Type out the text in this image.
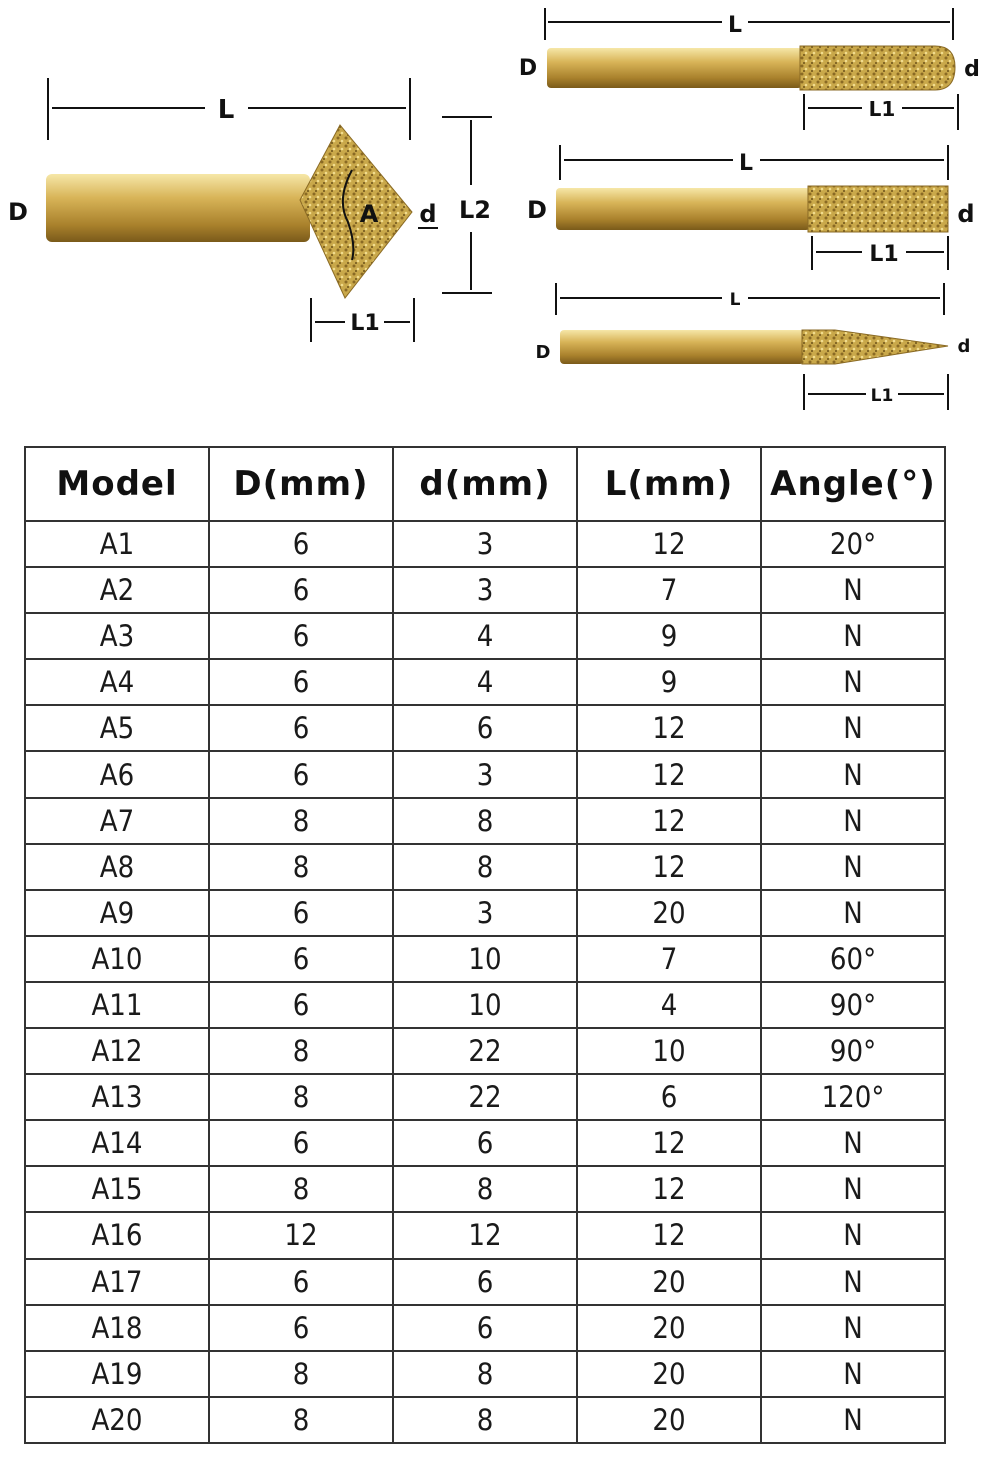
L
A
D	d L2
L1
L
D	d
L1
L
D	d
L1
L
D	d
L1
Model	D(mm)	d(mm)	L(mm)	Angle(°)
A1	6	3	12	20°
A2	6	3	7	N
A3	6	4	9	N
A4	6	4	9	N
A5	6	6	12	N
A6	6	3	12	N
A7	8	8	12	N
A8	8	8	12	N
A9	6	3	20	N
A10	6	10	7	60°
A11	6	10	4	90°
A12	8	22	10	90°
A13	8	22	6	120°
A14	6	6	12	N
A15	8	8	12	N
A16	12	12	12	N
A17	6	6	20	N
A18	6	6	20	N
A19	8	8	20	N
A20	8	8	20	N
